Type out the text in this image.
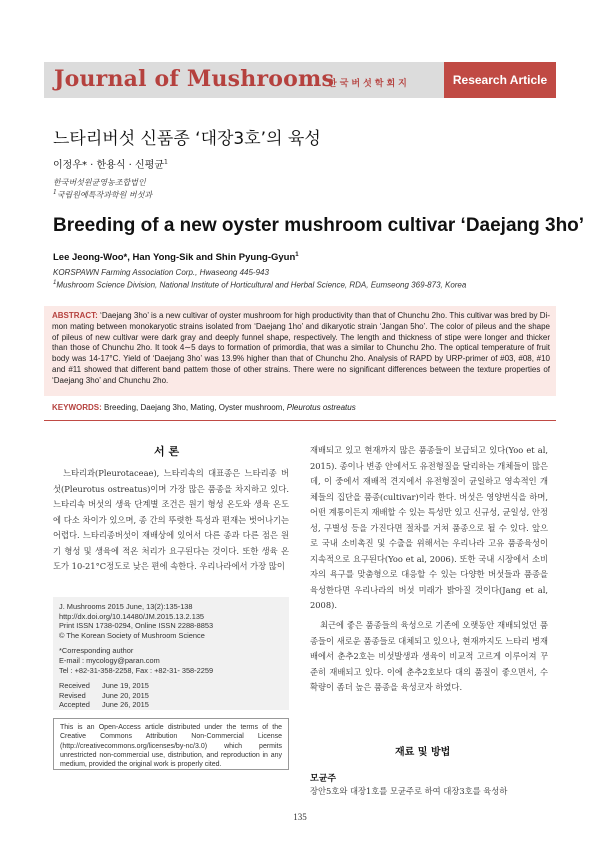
Journal of Mushrooms
한국버섯학회지	Research Article
느타리버섯 신품종 ‘대장3호’의 육성
이정우* · 한용식 · 신평균$^1$
한국버섯원균영농조합법인
$^1$국립원예특작과학원 버섯과
Breeding of a new oyster mushroom cultivar ‘Daejang 3ho’
Lee Jeong-Woo*, Han Yong-Sik and Shin Pyung-Gyun$^1$
KORSPAWN Farming Association Corp., Hwaseong 445-943
$^1$Mushroom Science Division, National Institute of Horticultural and Herbal Science, RDA, Eumseong 369-873, Korea
ABSTRACT: ‘Daejang 3ho’ is a new cultivar of oyster mushroom for high productivity than that of Chunchu 2ho. This cultivar was bred by Di-mon mating between monokaryotic strains isolated from ‘Daejang 1ho’ and dikaryotic strain ‘Jangan 5ho’. The color of pileus and the shape of pileus of new cultivar were dark gray and deeply funnel shape, respectively. The length and thickness of stipe were longer and thicker than those of Chunchu 2ho. It took 4∼5 days to formation of primordia, that was a similar to Chunchu 2ho. The optical temperature of fruit body was 14-17°C. Yield of ‘Daejang 3ho’ was 13.9% higher than that of Chunchu 2ho. Analysis of RAPD by URP-primer of #03, #08, #10 and #11 showed that different band pattem those of other strains. There were no significant differences between the texture properties of ‘Daejang 3ho’ and Chunchu 2ho.
KEYWORDS: Breeding, Daejang 3ho, Mating, Oyster mushroom, Pleurotus ostreatus
서 론
느타리과(Pleurotaceae), 느타리속의 대표종은 느타리종 버섯(Pleurotus ostreatus)이며 가장 많은 품종을 차지하고 있다. 느타리속 버섯의 생육 단계별 조건은 원기 형성 온도와 생육 온도에 다소 차이가 있으며, 종 간의 뚜렷한 특성과 편재는 벗어나기는 어렵다. 느타리종버섯이 재배상에 있어서 다른 종과 다른 점은 원기 형성 및 생육에 적온 처리가 요구된다는 것이다. 또한 생육 온도가 10-21°C정도로 낮은 편에 속한다. 우리나라에서 가장 많이
J. Mushrooms 2015 June, 13(2):135-138
http://dx.doi.org/10.14480/JM.2015.13.2.135
Print ISSN 1738-0294, Online ISSN 2288-8853
© The Korean Society of Mushroom Science
*Corresponding author
E-mail : mycology@paran.com
Tel : +82-31-358-2258, Fax : +82-31- 358-2259
Received	June 19, 2015
Revised	June 20, 2015
Accepted	June 26, 2015
This is an Open-Access article distributed under the terms of the Creative Commons Attribution Non-Commercial License (http://creativecommons.org/licenses/by-nc/3.0) which permits unrestricted non-commercial use, distribution, and reproduction in any medium, provided the original work is properly cited.
재배되고 있고 현재까지 많은 품종들이 보급되고 있다(Yoo et al, 2015). 종이나 변종 안에서도 유전형질을 달리하는 개체들이 많은데, 이 중에서 재배적 견지에서 유전형질이 균일하고 영속적인 개체들의 집단을 품종(cultivar)이라 한다. 버섯은 영양번식을 하며, 어떤 계통이든지 재배할 수 있는 특성만 있고 신규성, 균일성, 안정성, 구별성 등을 가진다면 절차를 거쳐 품종으로 될 수 있다. 앞으로 국내 소비촉진 및 수출을 위해서는 우리나라 고유 품종육성이 지속적으로 요구된다(Yoo et al, 2006). 또한 국내 시장에서 소비자의 욕구를 맞춤형으로 대응할 수 있는 다양한 버섯들과 품종을 육성한다면 우리나라의 버섯 미래가 밝아질 것이다(Jang et al, 2008).
최근에 좋은 품종들의 육성으로 기존에 오랫동안 재배되었던 품종들이 새로운 품종들로 대체되고 있으나, 현재까지도 느타리 병재배에서 춘추2호는 비섯발생과 생육이 비교적 고르게 이루어져 꾸준히 재배되고 있다. 이에 춘추2호보다 대의 품질이 좋으면서, 수확량이 좀더 높은 품종을 육성코자 하였다.
재료 및 방법
모균주
장안5호와 대장1호를 모균주로 하여 대장3호를 육성하
135
